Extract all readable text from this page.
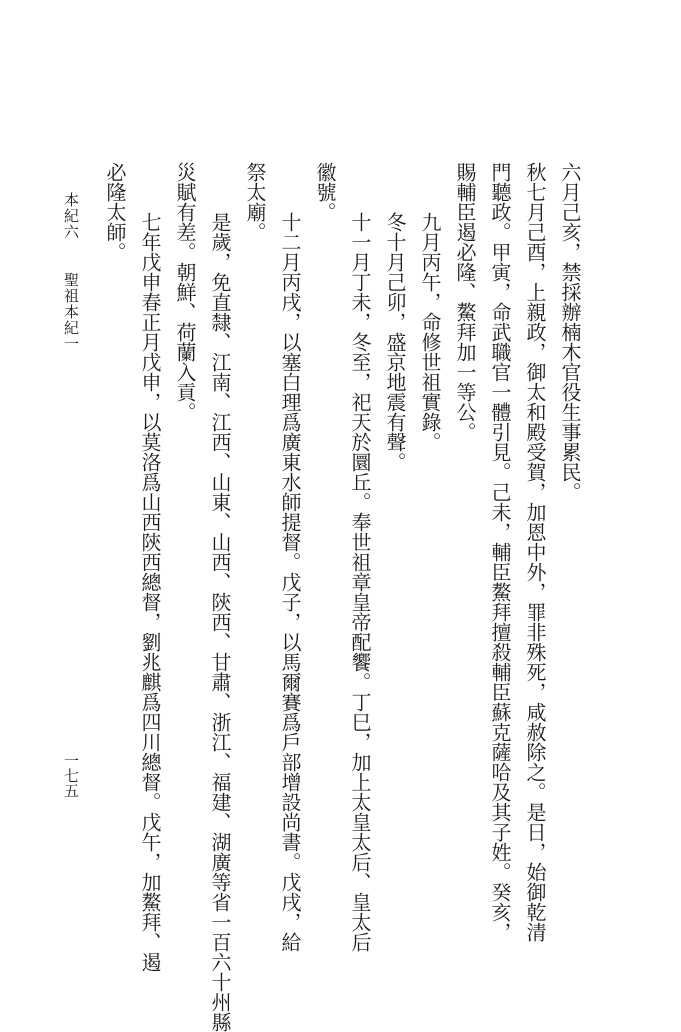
六月己亥，禁採辦楠木官役生事累民。
秋七月己酉，上親政，御太和殿受賀，加恩中外，罪非殊死，咸赦除之。是日，始御乾清
門聽政。甲寅，命武職官一體引見。己未，輔臣鰲拜擅殺輔臣蘇克薩哈及其子姓。癸亥，
賜輔臣遏必隆、鰲拜加一等公。
九月丙午，命修世祖實錄。
冬十月己卯，盛京地震有聲。
十一月丁未，冬至，祀天於圜丘。奉世祖章皇帝配饗。丁巳，加上太皇太后、皇太后
徽號。
十二月丙戌，以塞白理爲廣東水師提督。戊子，以馬爾賽爲戶部增設尚書。戊戌，給
祭太廟。
是歲，免直隸、江南、江西、山東、山西、陝西、甘肅、浙江、福建、湖廣等省一百六十州縣
災賦有差。朝鮮、荷蘭入貢。
七年戊申春正月戊申，以莫洛爲山西陝西總督，劉兆麒爲四川總督。戊午，加鰲拜、遏
必隆太師。
本紀六
聖祖本紀一
一七五
